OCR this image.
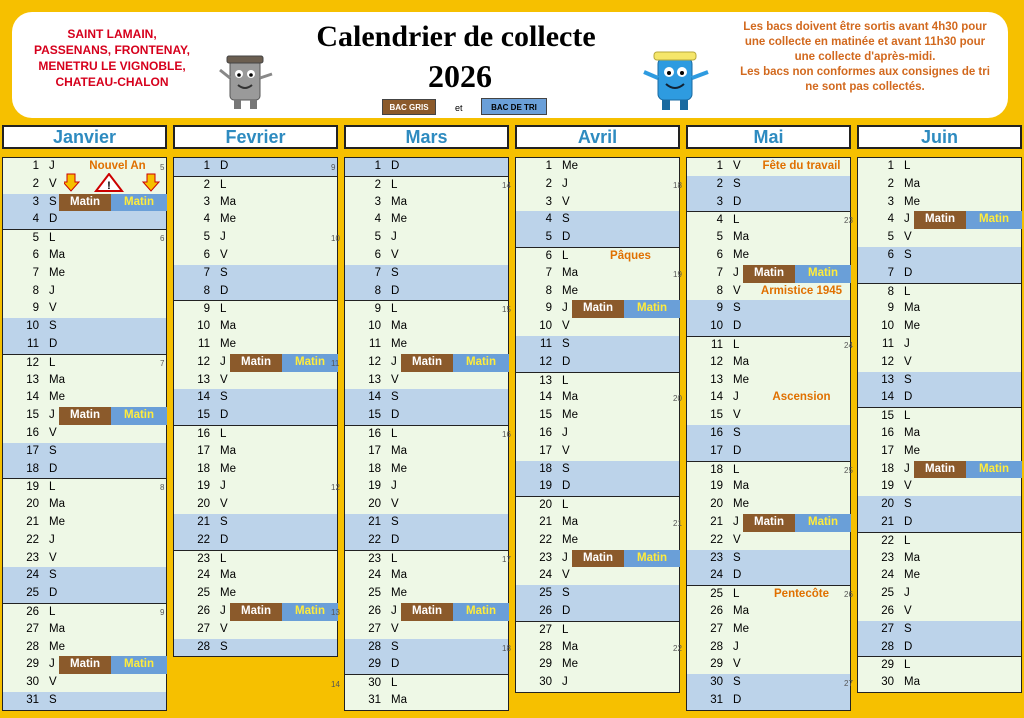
SAINT LAMAIN,
PASSENANS, FRONTENAY,
MENETRU LE VIGNOBLE,
CHATEAU-CHALON
Calendrier de collecte
2026
BAC GRIS	et	BAC DE TRI
Les bacs doivent être sortis avant 4h30 pour
une collecte en matinée et avant 11h30 pour
une collecte d'après-midi.
Les bacs non conformes aux consignes de tri
ne sont pas collectés.
Janvier
1 J	Nouvel An
2 V
3 S	Matin	Matin
4 D
5 L
6 Ma
7 Me
8 J
9 V
10 S
11 D
12 L
13 Ma
14 Me
15 J	Matin	Matin
16 V
17 S
18 D
19 L
20 Ma
21 Me
22 J
23 V
24 S
25 D
26 L
27 Ma
28 Me
29 J	Matin	Matin
30 V
31 S
Fevrier
5	1 D
2 L
3 Ma
4 Me
6	5 J
6 V
7 S
8 D
9 L
10 Ma
11 Me
7	12 J	Matin	Matin
13 V
14 S
15 D
16 L
17 Ma
18 Me
8	19 J
20 V
21 S
22 D
23 L
24 Ma
25 Me
9	26 J	Matin	Matin
27 V
28 S
Mars
9	1 D
2 L
3 Ma
4 Me
10	5 J
6 V
7 S
8 D
9 L
10 Ma
11 Me
11	12 J	Matin	Matin
13 V
14 S
15 D
16 L
17 Ma
18 Me
12	19 J
20 V
21 S
22 D
23 L
24 Ma
25 Me
13	26 J	Matin	Matin
27 V
28 S
29 D
14	30 L
31 Ma
Avril
1 Me
14	2 J
3 V
4 S
5 D
6 L	Pâques
7 Ma
8 Me
15	9 J	Matin	Matin
10 V
11 S
12 D
13 L
14 Ma
15 Me
16	16 J
17 V
18 S
19 D
20 L
21 Ma
22 Me
17	23 J	Matin	Matin
24 V
25 S
26 D
27 L
18	28 Ma
29 Me
30 J
Mai
1 V	Fête du travail
18	2 S
3 D
4 L
5 Ma
6 Me
19	7 J	Matin	Matin
8 V	Armistice 1945
9 S
10 D
11 L
12 Ma
13 Me
20	14 J	Ascension
15 V
16 S
17 D
18 L
19 Ma
20 Me
21	21 J	Matin	Matin
22 V
23 S
24 D
25 L	Pentecôte
26 Ma
27 Me
22	28 J
29 V
30 S
31 D
Juin
1 L
2 Ma
3 Me
23	4 J	Matin	Matin
5 V
6 S
7 D
8 L
9 Ma
10 Me
24	11 J
12 V
13 S
14 D
15 L
16 Ma
17 Me
25	18 J	Matin	Matin
19 V
20 S
21 D
22 L
23 Ma
24 Me
26	25 J
26 V
27 S
28 D
29 L
27	30 Ma
!
